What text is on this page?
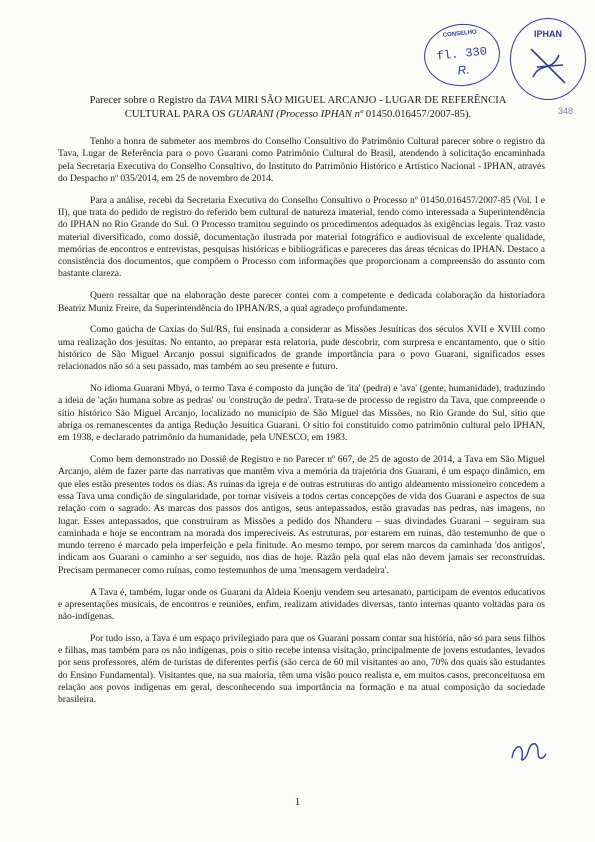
CONSELHO
fl. 330
R.
IPHAN
348
Parecer sobre o Registro da TAVA MIRI SÃO MIGUEL ARCANJO - LUGAR DE REFERÊNCIA
CULTURAL PARA OS GUARANI (Processo IPHAN nº 01450.016457/2007-85).

Tenho a honra de submeter aos membros do Conselho Consultivo do Patrimônio Cultural parecer sobre o registro da Tava, Lugar de Referência para o povo Guarani como Patrimônio Cultural do Brasil, atendendo à solicitação encaminhada pela Secretaria Executiva do Conselho Consultivo, do Instituto do Patrimônio Histórico e Artístico Nacional - IPHAN, através do Despacho nº 035/2014, em 25 de novembro de 2014.

Para a análise, recebi da Secretaria Executiva do Conselho Consultivo o Processo nº 01450.016457/2007-85 (Vol. I e II), que trata do pedido de registro do referido bem cultural de natureza imaterial, tendo como interessada a Superintendência do IPHAN no Rio Grande do Sul. O Processo tramitou seguindo os procedimentos adequados às exigências legais. Traz vasto material diversificado, como dossiê, documentação ilustrada por material fotográfico e audiovisual de excelente qualidade, memórias de encontros e entrevistas, pesquisas históricas e bibliográficas e pareceres das áreas técnicas do IPHAN. Destaco a consistência dos documentos, que compõem o Processo com informações que proporcionam a compreensão do assunto com bastante clareza.

Quero ressaltar que na elaboração deste parecer contei com a competente e dedicada colaboração da historiadora Beatriz Muniz Freire, da Superintendência do IPHAN/RS, a qual agradeço profundamente.

Como gaúcha de Caxias do Sul/RS, fui ensinada a considerar as Missões Jesuíticas dos séculos XVII e XVIII como uma realização dos jesuítas. No entanto, ao preparar esta relatoria, pude descobrir, com surpresa e encantamento, que o sítio histórico de São Miguel Arcanjo possui significados de grande importância para o povo Guarani, significados esses relacionados não só a seu passado, mas também ao seu presente e futuro.

No idioma Guarani Mbyá, o termo Tava é composto da junção de 'ita' (pedra) e 'ava' (gente, humanidade), traduzindo a ideia de 'ação humana sobre as pedras' ou 'construção de pedra'. Trata-se de processo de registro da Tava, que compreende o sítio histórico São Miguel Arcanjo, localizado no município de São Miguel das Missões, no Rio Grande do Sul, sítio que abriga os remanescentes da antiga Redução Jesuítica Guarani. O sítio foi constituído como patrimônio cultural pelo IPHAN, em 1938, e declarado patrimônio da humanidade, pela UNESCO, em 1983.

Como bem demonstrado no Dossiê de Registro e no Parecer nº 667, de 25 de agosto de 2014, a Tava em São Miguel Arcanjo, além de fazer parte das narrativas que mantêm viva a memória da trajetória dos Guarani, é um espaço dinâmico, em que eles estão presentes todos os dias. As ruínas da igreja e de outras estruturas do antigo aldeamento missioneiro concedem a essa Tava uma condição de singularidade, por tornar visíveis a todos certas concepções de vida dos Guarani e aspectos de sua relação com o sagrado. As marcas dos passos dos antigos, seus antepassados, estão gravadas nas pedras, nas imagens, no lugar. Esses antepassados, que construíram as Missões a pedido dos Nhanderu – suas divindades Guarani – seguiram sua caminhada e hoje se encontram na morada dos imperecíveis. As estruturas, por estarem em ruínas, dão testemunho de que o mundo terreno é marcado pela imperfeição e pela finitude. Ao mesmo tempo, por serem marcos da caminhada 'dos antigos', indicam aos Guarani o caminho a ser seguido, nos dias de hoje. Razão pela qual elas não devem jamais ser reconstruídas. Precisam permanecer como ruínas, como testemunhos de uma 'mensagem verdadeira'.

A Tava é, também, lugar onde os Guarani da Aldeia Koenju vendem seu artesanato, participam de eventos educativos e apresentações musicais, de encontros e reuniões, enfim, realizam atividades diversas, tanto internas quanto voltadas para os não-indígenas.

Por tudo isso, a Tava é um espaço privilegiado para que os Guarani possam contar sua história, não só para seus filhos e filhas, mas também para os não indígenas, pois o sítio recebe intensa visitação, principalmente de jovens estudantes, levados por seus professores, além de turistas de diferentes perfis (são cerca de 60 mil visitantes ao ano, 70% dos quais são estudantes do Ensino Fundamental). Visitantes que, na sua maioria, têm uma visão pouco realista e, em muitos casos, preconceituosa em relação aos povos indígenas em geral, desconhecendo sua importância na formação e na atual composição da sociedade brasileira.

1
